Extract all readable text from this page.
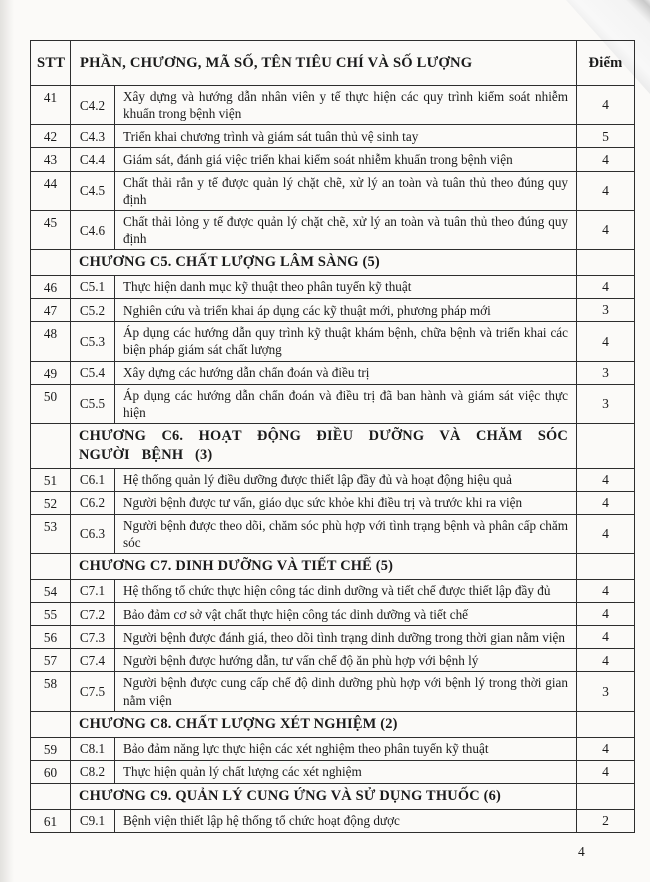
STT	PHẦN, CHƯƠNG, MÃ SỐ, TÊN TIÊU CHÍ VÀ SỐ LƯỢNG		Điểm
41	C4.2	Xây dựng và hướng dẫn nhân viên y tế thực hiện các quy trình kiểm soát nhiễm khuẩn trong bệnh viện	4
42	C4.3	Triển khai chương trình và giám sát tuân thủ vệ sinh tay	5
43	C4.4	Giám sát, đánh giá việc triển khai kiểm soát nhiễm khuẩn trong bệnh viện	4
44	C4.5	Chất thải rắn y tế được quản lý chặt chẽ, xử lý an toàn và tuân thủ theo đúng quy định	4
45	C4.6	Chất thải lỏng y tế được quản lý chặt chẽ, xử lý an toàn và tuân thủ theo đúng quy định	4
	CHƯƠNG C5. CHẤT LƯỢNG LÂM SÀNG (5)		
46	C5.1	Thực hiện danh mục kỹ thuật theo phân tuyến kỹ thuật	4
47	C5.2	Nghiên cứu và triển khai áp dụng các kỹ thuật mới, phương pháp mới	3
48	C5.3	Áp dụng các hướng dẫn quy trình kỹ thuật khám bệnh, chữa bệnh và triển khai các biện pháp giám sát chất lượng	4
49	C5.4	Xây dựng các hướng dẫn chẩn đoán và điều trị	3
50	C5.5	Áp dụng các hướng dẫn chẩn đoán và điều trị đã ban hành và giám sát việc thực hiện	3
	CHƯƠNG C6. HOẠT ĐỘNG ĐIỀU DƯỠNG VÀ CHĂM SÓC NGƯỜI BỆNH (3)		
51	C6.1	Hệ thống quản lý điều dưỡng được thiết lập đầy đủ và hoạt động hiệu quả	4
52	C6.2	Người bệnh được tư vấn, giáo dục sức khỏe khi điều trị và trước khi ra viện	4
53	C6.3	Người bệnh được theo dõi, chăm sóc phù hợp với tình trạng bệnh và phân cấp chăm sóc	4
	CHƯƠNG C7. DINH DƯỠNG VÀ TIẾT CHẾ (5)		
54	C7.1	Hệ thống tổ chức thực hiện công tác dinh dưỡng và tiết chế được thiết lập đầy đủ	4
55	C7.2	Bảo đảm cơ sở vật chất thực hiện công tác dinh dưỡng và tiết chế	4
56	C7.3	Người bệnh được đánh giá, theo dõi tình trạng dinh dưỡng trong thời gian nằm viện	4
57	C7.4	Người bệnh được hướng dẫn, tư vấn chế độ ăn phù hợp với bệnh lý	4
58	C7.5	Người bệnh được cung cấp chế độ dinh dưỡng phù hợp với bệnh lý trong thời gian nằm viện	3
	CHƯƠNG C8. CHẤT LƯỢNG XÉT NGHIỆM (2)		
59	C8.1	Bảo đảm năng lực thực hiện các xét nghiệm theo phân tuyến kỹ thuật	4
60	C8.2	Thực hiện quản lý chất lượng các xét nghiệm	4
	CHƯƠNG C9. QUẢN LÝ CUNG ỨNG VÀ SỬ DỤNG THUỐC (6)		
61	C9.1	Bệnh viện thiết lập hệ thống tổ chức hoạt động dược	2
4
